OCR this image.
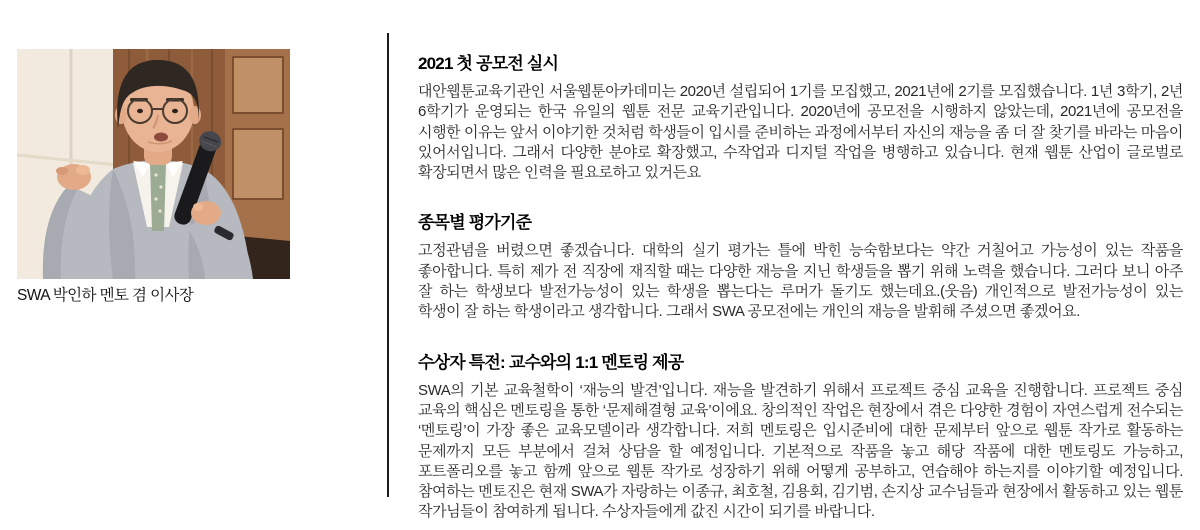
SWA 박인하 멘토 겸 이사장
2021 첫 공모전 실시

대안웹툰교육기관인 서울웹툰아카데미는 2020년 설립되어 1기를 모집했고, 2021년에 2기를 모집했습니다. 1년 3학기, 2년 6학기가 운영되는 한국 유일의 웹툰 전문 교육기관입니다. 2020년에 공모전을 시행하지 않았는데, 2021년에 공모전을 시행한 이유는 앞서 이야기한 것처럼 학생들이 입시를 준비하는 과정에서부터 자신의 재능을 좀 더 잘 찾기를 바라는 마음이 있어서입니다. 그래서 다양한 분야로 확장했고, 수작업과 디지털 작업을 병행하고 있습니다. 현재 웹툰 산업이 글로벌로 확장되면서 많은 인력을 필요로하고 있거든요

종목별 평가기준

고정관념을 버렸으면 좋겠습니다. 대학의 실기 평가는 틀에 박힌 능숙함보다는 약간 거칠어고 가능성이 있는 작품을 좋아합니다. 특히 제가 전 직장에 재직할 때는 다양한 재능을 지닌 학생들을 뽑기 위해 노력을 했습니다. 그러다 보니 아주 잘 하는 학생보다 발전가능성이 있는 학생을 뽑는다는 루머가 돌기도 했는데요.(웃음) 개인적으로 발전가능성이 있는 학생이 잘 하는 학생이라고 생각합니다. 그래서 SWA 공모전에는 개인의 재능을 발휘해 주셨으면 좋겠어요.

수상자 특전: 교수와의 1:1 멘토링 제공

SWA의 기본 교육철학이 ‘재능의 발견’입니다. 재능을 발견하기 위해서 프로젝트 중심 교육을 진행합니다. 프로젝트 중심 교육의 핵심은 멘토링을 통한 ‘문제해결형 교육’이에요. 창의적인 작업은 현장에서 겪은 다양한 경험이 자연스럽게 전수되는 ‘멘토링’이 가장 좋은 교육모델이라 생각합니다. 저희 멘토링은 입시준비에 대한 문제부터 앞으로 웹툰 작가로 활동하는 문제까지 모든 부분에서 걸쳐 상담을 할 예정입니다. 기본적으로 작품을 놓고 해당 작품에 대한 멘토링도 가능하고, 포트폴리오를 놓고 함께 앞으로 웹툰 작가로 성장하기 위해 어떻게 공부하고, 연습해야 하는지를 이야기할 예정입니다. 참여하는 멘토진은 현재 SWA가 자랑하는 이종규, 최호철, 김용회, 김기범, 손지상 교수님들과 현장에서 활동하고 있는 웹툰 작가님들이 참여하게 됩니다. 수상자들에게 값진 시간이 되기를 바랍니다.
